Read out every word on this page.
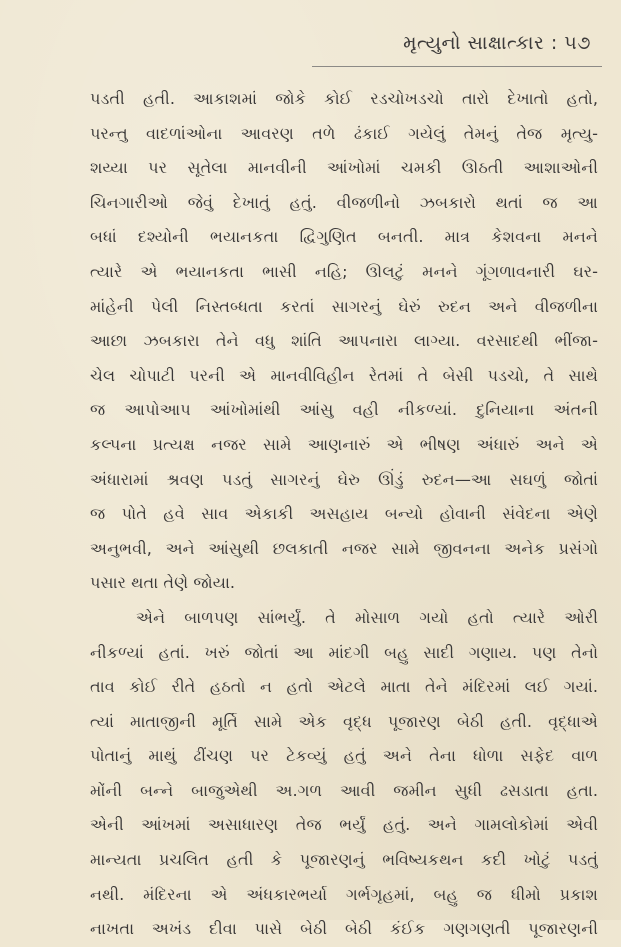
મૃત્યુનો સાક્ષાત્કાર : ૫૭
પડતી હતી. આકાશમાં જોકે કોઈ રડચોખડચો તારો દેખાતો હતો,
પરન્તુ વાદળાંઓના આવરણ તળે ઢંકાઈ ગયેલું તેમનું તેજ મૃત્યુ-
શય્યા પર સૂતેલા માનવીની આંખોમાં ચમકી ઊઠતી આશાઓની
ચિનગારીઓ જેવું દેખાતું હતું. વીજળીનો ઝબકારો થતાં જ આ
બધાં દશ્યોની ભયાનકતા દ્વિગુણિત બનતી. માત્ર કેશવના મનને
ત્યારે એ ભયાનકતા ભાસી નહિ; ઊલટું મનને ગૂંગળાવનારી ઘર-
માંહેની પેલી નિસ્તબ્ધતા કરતાં સાગરનું ઘેરું રુદન અને વીજળીના
આછા ઝબકારા તેને વધુ શાંતિ આપનારા લાગ્યા. વરસાદથી ભીંજા-
ચેલ ચોપાટી પરની એ માનવીવિહીન રેતમાં તે બેસી પડચો, તે સાથે
જ આપોઆપ આંખોમાંથી આંસુ વહી નીકળ્યાં. દુનિયાના અંતની
કલ્પના પ્રત્યક્ષ નજર સામે આણનારું એ ભીષણ અંધારું અને એ
અંધારામાં શ્રવણ પડતું સાગરનું ઘેરુ ઊંડું રુદન—આ સઘળું જોતાં
જ પોતે હવે સાવ એકાકી અસહાય બન્યો હોવાની સંવેદના એણે
અનુભવી, અને આંસુથી છલકાતી નજર સામે જીવનના અનેક પ્રસંગો
પસાર થતા તેણે જોયા.
એને બાળપણ સાંભર્યું. તે મોસાળ ગયો હતો ત્યારે ઓરી
નીકળ્યાં હતાં. ખરું જોતાં આ માંદગી બહુ સાદી ગણાય. પણ તેનો
તાવ કોઈ રીતે હઠતો ન હતો એટલે માતા તેને મંદિરમાં લઈ ગયાં.
ત્યાં માતાજીની મૂર્તિ સામે એક વૃદ્ધ પૂજારણ બેઠી હતી. વૃદ્ધાએ
પોતાનું માથું ઢીંચણ પર ટેકવ્યું હતું અને તેના ધોળા સફેદ વાળ
મોંની બન્ને બાજુએથી અ.ગળ આવી જમીન સુધી ઢસડાતા હતા.
એની આંખમાં અસાધારણ તેજ ભર્યું હતું. અને ગામલોકોમાં એવી
માન્યતા પ્રચલિત હતી કે પૂજારણનું ભવિષ્યકથન કદી ખોટું પડતું
નથી. મંદિરના એ અંધકારભર્યા ગર્ભગૃહમાં, બહુ જ ધીમો પ્રકાશ
નાખતા અખંડ દીવા પાસે બેઠી બેઠી કંઈક ગણગણતી પૂજારણની
